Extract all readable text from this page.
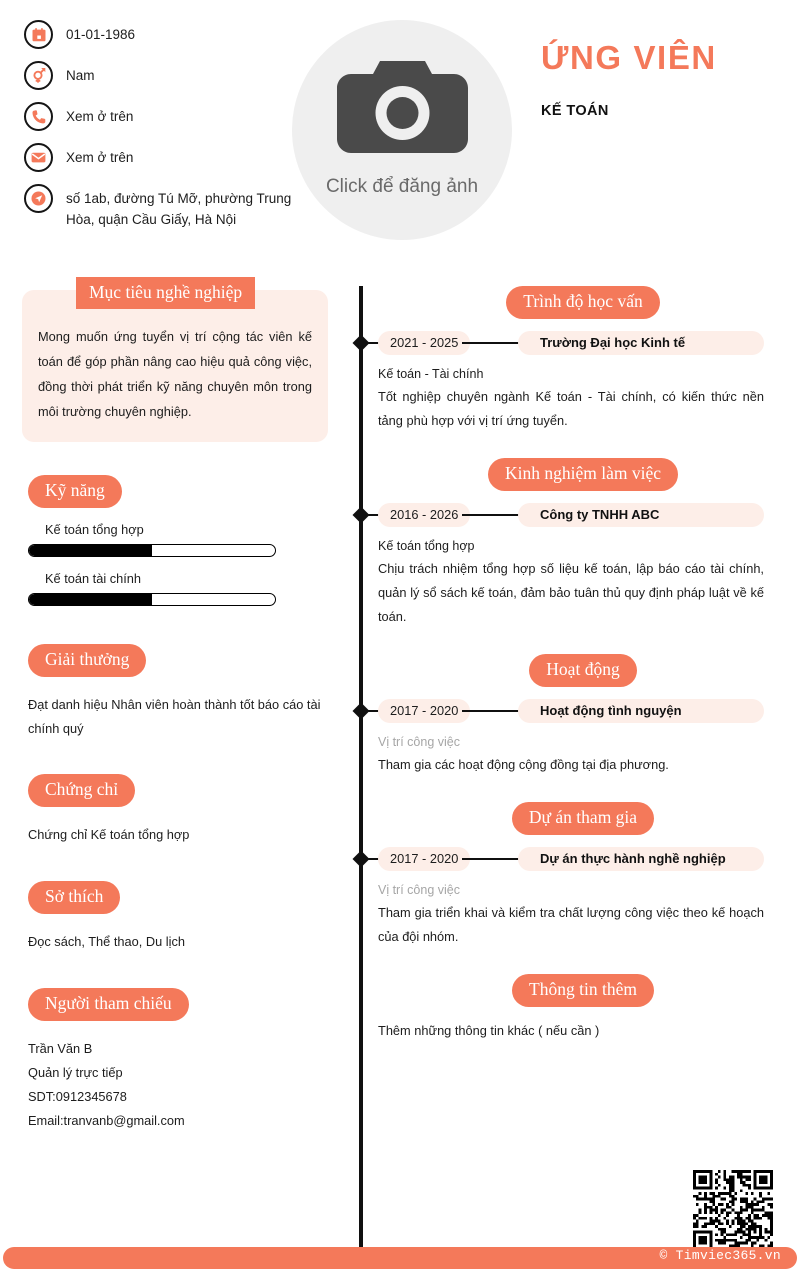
01-01-1986
Nam
Xem ở trên
Xem ở trên
số 1ab, đường Tú Mỡ, phường Trung Hòa, quận Cầu Giấy, Hà Nội
Click để đăng ảnh
ỨNG VIÊN
KẾ TOÁN
Mục tiêu nghề nghiệp
Mong muốn ứng tuyển vị trí cộng tác viên kế toán để góp phần nâng cao hiệu quả công việc, đồng thời phát triển kỹ năng chuyên môn trong môi trường chuyên nghiệp.
Kỹ năng
Kế toán tổng hợp
Kế toán tài chính
Giải thưởng
Đạt danh hiệu Nhân viên hoàn thành tốt báo cáo tài chính quý
Chứng chỉ
Chứng chỉ Kế toán tổng hợp
Sở thích
Đọc sách, Thể thao, Du lịch
Người tham chiếu
Trần Văn B
Quản lý trực tiếp
SDT:0912345678
Email:tranvanb@gmail.com
Trình độ học vấn
2021 - 2025	Trường Đại học Kinh tế
Kế toán - Tài chính
Tốt nghiệp chuyên ngành Kế toán - Tài chính, có kiến thức nền tảng phù hợp với vị trí ứng tuyển.
Kinh nghiệm làm việc
2016 - 2026	Công ty TNHH ABC
Kế toán tổng hợp
Chịu trách nhiệm tổng hợp số liệu kế toán, lập báo cáo tài chính, quản lý sổ sách kế toán, đảm bảo tuân thủ quy định pháp luật về kế toán.
Hoạt động
2017 - 2020	Hoạt động tình nguyện
Vị trí công việc
Tham gia các hoạt động cộng đồng tại địa phương.
Dự án tham gia
2017 - 2020	Dự án thực hành nghề nghiệp
Vị trí công việc
Tham gia triển khai và kiểm tra chất lượng công việc theo kế hoạch của đội nhóm.
Thông tin thêm
Thêm những thông tin khác ( nếu cần )
© Timviec365.vn
